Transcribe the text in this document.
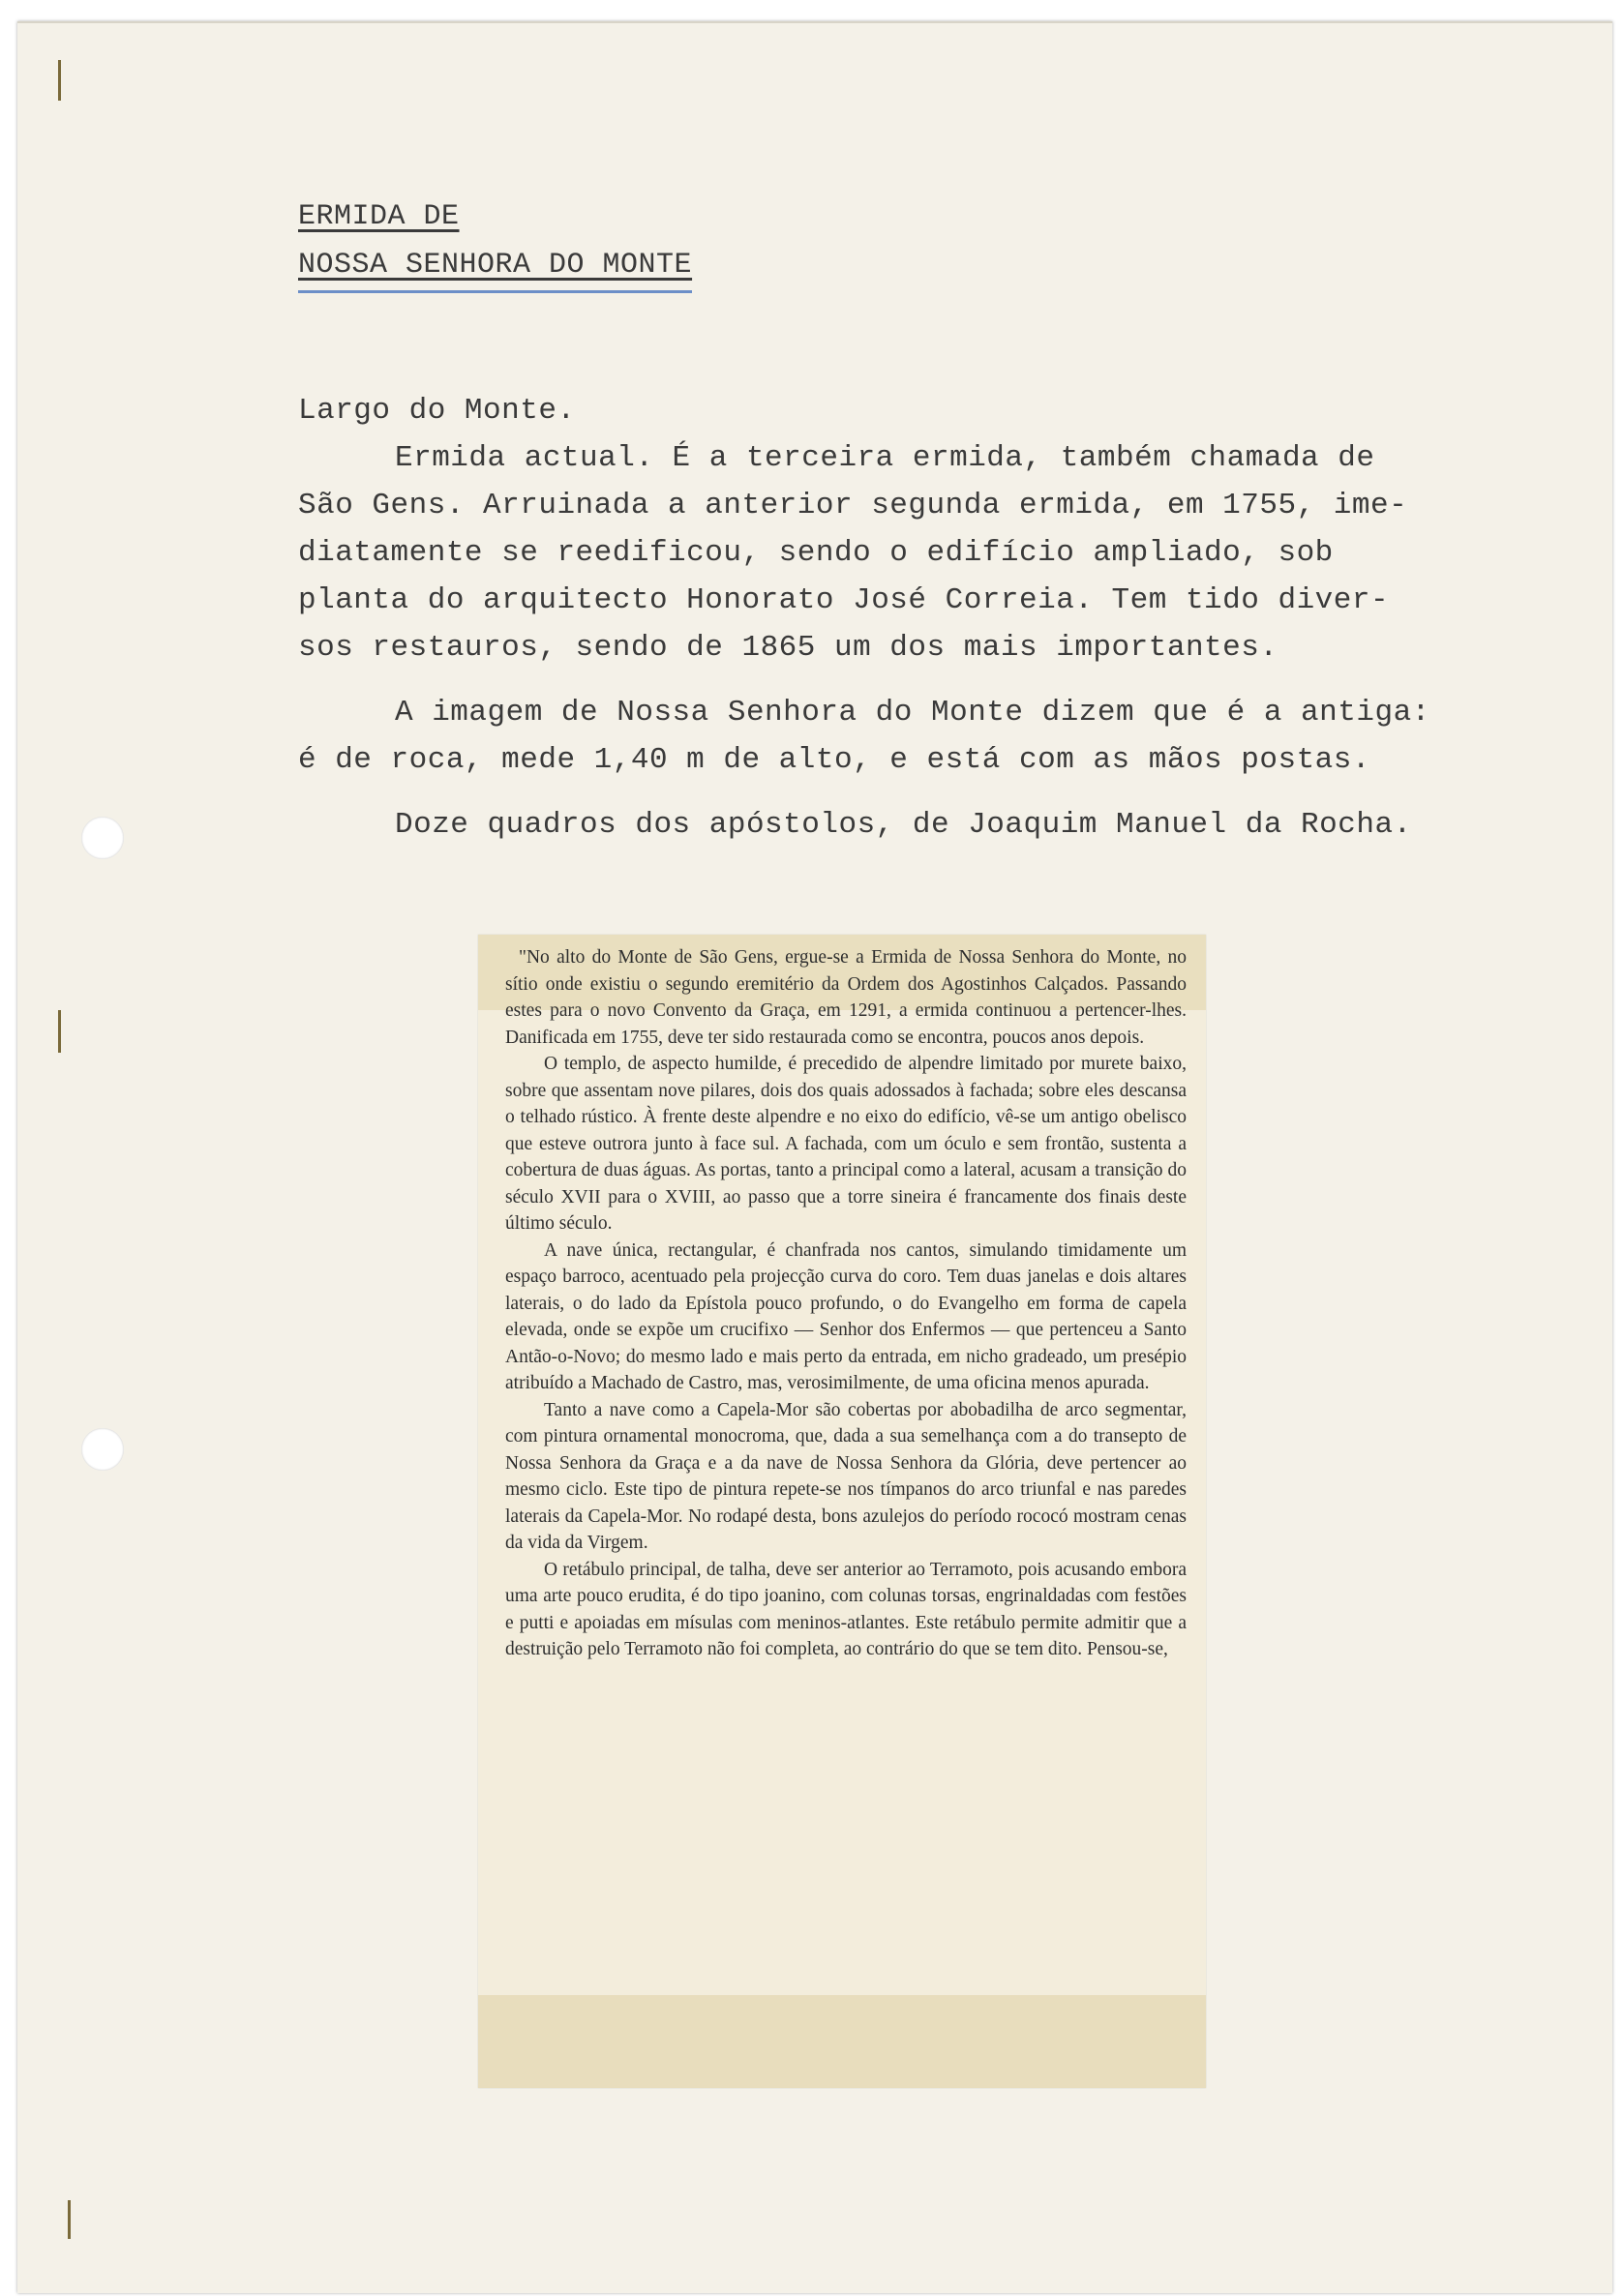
ERMIDA DE
NOSSA SENHORA DO MONTE

Largo do Monte.

Ermida actual. É a terceira ermida, também chamada de

São Gens. Arruinada a anterior segunda ermida, em 1755, ime-

diatamente se reedificou, sendo o edifício ampliado, sob

planta do arquitecto Honorato José Correia. Tem tido diver-

sos restauros, sendo de 1865 um dos mais importantes.

A imagem de Nossa Senhora do Monte dizem que é a antiga:

é de roca, mede 1,40 m de alto, e está com as mãos postas.

Doze quadros dos apóstolos, de Joaquim Manuel da Rocha.

"No alto do Monte de São Gens, ergue-se a Ermida de Nossa Senhora do Monte, no sítio onde existiu o segundo eremitério da Ordem dos Agostinhos Calçados. Passando estes para o novo Convento da Graça, em 1291, a ermida continuou a pertencer-lhes. Danificada em 1755, deve ter sido restaurada como se encontra, poucos anos depois.

O templo, de aspecto humilde, é precedido de alpendre limitado por murete baixo, sobre que assentam nove pilares, dois dos quais adossados à fachada; sobre eles descansa o telhado rústico. À frente deste alpendre e no eixo do edifício, vê-se um antigo obelisco que esteve outrora junto à face sul. A fachada, com um óculo e sem frontão, sustenta a cobertura de duas águas. As portas, tanto a principal como a lateral, acusam a transição do século XVII para o XVIII, ao passo que a torre sineira é francamente dos finais deste último século.

A nave única, rectangular, é chanfrada nos cantos, simulando timidamente um espaço barroco, acentuado pela projecção curva do coro. Tem duas janelas e dois altares laterais, o do lado da Epístola pouco profundo, o do Evangelho em forma de capela elevada, onde se expõe um crucifixo — Senhor dos Enfermos — que pertenceu a Santo Antão-o-Novo; do mesmo lado e mais perto da entrada, em nicho gradeado, um presépio atribuído a Machado de Castro, mas, verosimilmente, de uma oficina menos apurada.

Tanto a nave como a Capela-Mor são cobertas por abobadilha de arco segmentar, com pintura ornamental monocroma, que, dada a sua semelhança com a do transepto de Nossa Senhora da Graça e a da nave de Nossa Senhora da Glória, deve pertencer ao mesmo ciclo. Este tipo de pintura repete-se nos tímpanos do arco triunfal e nas paredes laterais da Capela-Mor. No rodapé desta, bons azulejos do período rococó mostram cenas da vida da Virgem.

O retábulo principal, de talha, deve ser anterior ao Terramoto, pois acusando embora uma arte pouco erudita, é do tipo joanino, com colunas torsas, engrinaldadas com festões e putti e apoiadas em mísulas com meninos-atlantes. Este retábulo permite admitir que a destruição pelo Terramoto não foi completa, ao contrário do que se tem dito. Pensou-se,
